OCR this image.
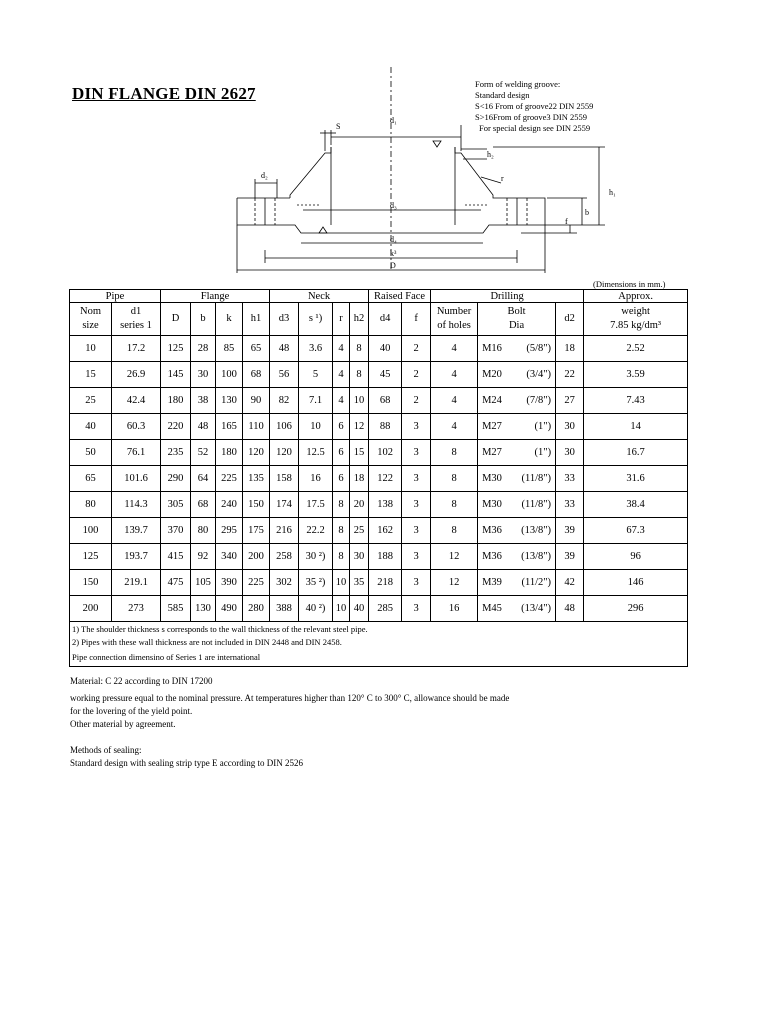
DIN FLANGE DIN 2627	Form of welding groove:
Standard design
S<16 From of groove22 DIN 2559
S>16From of groove3 DIN 2559
For special design see DIN 2559
S
d₁
h₂
d₂	r
h₁
d₃
b
f
d₄
k³
D
(Dimensions in mm.)
Pipe		Flange				Neck				Raised Face		Drilling			Approx.
Nom
size	d1
series 1	D	b	k	h1	d3	s ¹)	r	h2	d4	f	Number
of holes	Bolt
Dia	d2	weight
7.85 kg/dm³
10	17.2	125	28	85	65	48	3.6	4	8	40	2	4	M16 (5/8")	18	2.52
15	26.9	145	30	100	68	56	5	4	8	45	2	4	M20 (3/4")	22	3.59
25	42.4	180	38	130	90	82	7.1	4	10	68	2	4	M24 (7/8")	27	7.43
40	60.3	220	48	165	110	106	10	6	12	88	3	4	M27 (1")	30	14
50	76.1	235	52	180	120	120	12.5	6	15	102	3	8	M27 (1")	30	16.7
65	101.6	290	64	225	135	158	16	6	18	122	3	8	M30 (11/8")	33	31.6
80	114.3	305	68	240	150	174	17.5	8	20	138	3	8	M30 (11/8")	33	38.4
100	139.7	370	80	295	175	216	22.2	8	25	162	3	8	M36 (13/8")	39	67.3
125	193.7	415	92	340	200	258	30 ²)	8	30	188	3	12	M36 (13/8")	39	96
150	219.1	475	105	390	225	302	35 ²)	10	35	218	3	12	M39 (11/2")	42	146
200	273	585	130	490	280	388	40 ²)	10	40	285	3	16	M45 (13/4")	48	296
1) The shoulder thickness s corresponds to the wall thickness of the relevant steel pipe.															
2) Pipes with these wall thickness are not included in DIN 2448 and DIN 2458.															
Pipe connection dimensino of Series 1 are international															
Material: C 22 according to DIN 17200
working pressure equal to the nominal pressure. At temperatures higher than 120° C to 300° C, allowance should be made
for the lovering of the yield point.
Other material by agreement.
Methods of sealing:
Standard design with sealing strip type E according to DIN 2526
